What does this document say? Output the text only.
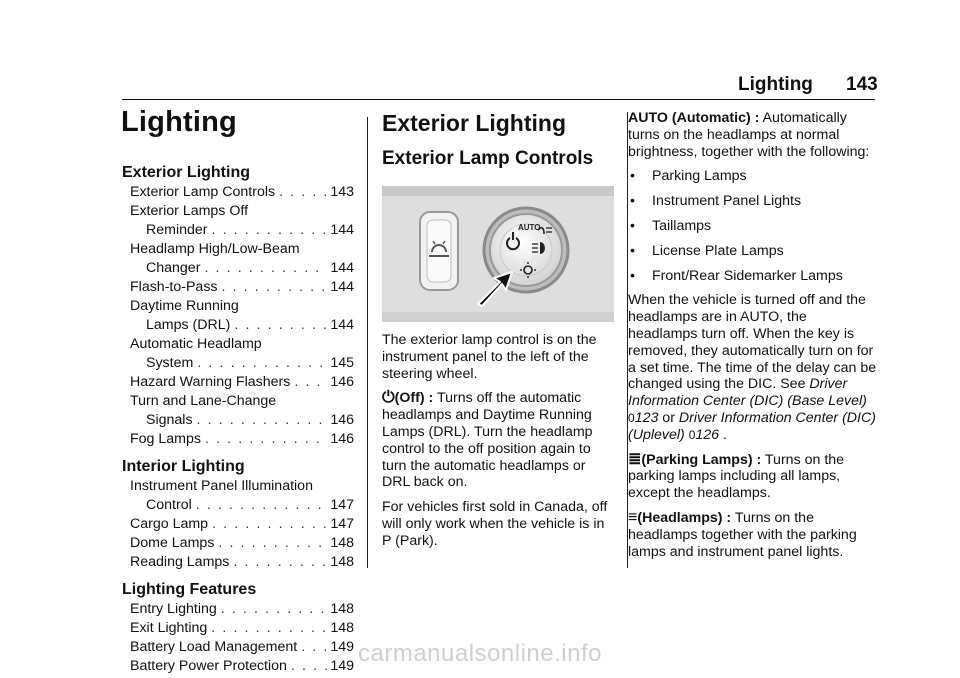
Lighting 143
Lighting
Exterior Lighting
Exterior Lamp Controls . . .	143
Exterior Lamps Off
Reminder . . .	144
Headlamp High/Low-Beam
Changer . . .	144
Flash-to-Pass . . .	144
Daytime Running
Lamps (DRL) . . .	144
Automatic Headlamp
System . . .	145
Hazard Warning Flashers . . .	146
Turn and Lane-Change
Signals . . .	146
Fog Lamps . . .	146
Interior Lighting
Instrument Panel Illumination
Control . . .	147
Cargo Lamp . . .	147
Dome Lamps . . .	148
Reading Lamps . . .	148
Lighting Features
Entry Lighting . . .	148
Exit Lighting . . .	148
Battery Load Management . . . 149
Battery Power Protection . . .	149
Exterior Lighting
Exterior Lamp Controls
AUTO

The exterior lamp control is on the instrument panel to the left of the steering wheel.

⏻(Off) : Turns off the automatic headlamps and Daytime Running Lamps (DRL). Turn the headlamp control to the off position again to turn the automatic headlamps or DRL back on.

For vehicles first sold in Canada, off will only work when the vehicle is in P (Park).

AUTO (Automatic) : Automatically turns on the headlamps at normal brightness, together with the following:

•	Parking Lamps
•	Instrument Panel Lights
•	Taillamps
•	License Plate Lamps
•	Front/Rear Sidemarker Lamps

When the vehicle is turned off and the headlamps are in AUTO, the headlamps turn off. When the key is removed, they automatically turn on for a set time. The time of the delay can be changed using the DIC. See Driver Information Center (DIC) (Base Level) 0123 or Driver Information Center (DIC) (Uplevel) 0126 .

≣(Parking Lamps) : Turns on the parking lamps including all lamps, except the headlamps.

≡(Headlamps) : Turns on the headlamps together with the parking lamps and instrument panel lights.

carmanualsonline.info
